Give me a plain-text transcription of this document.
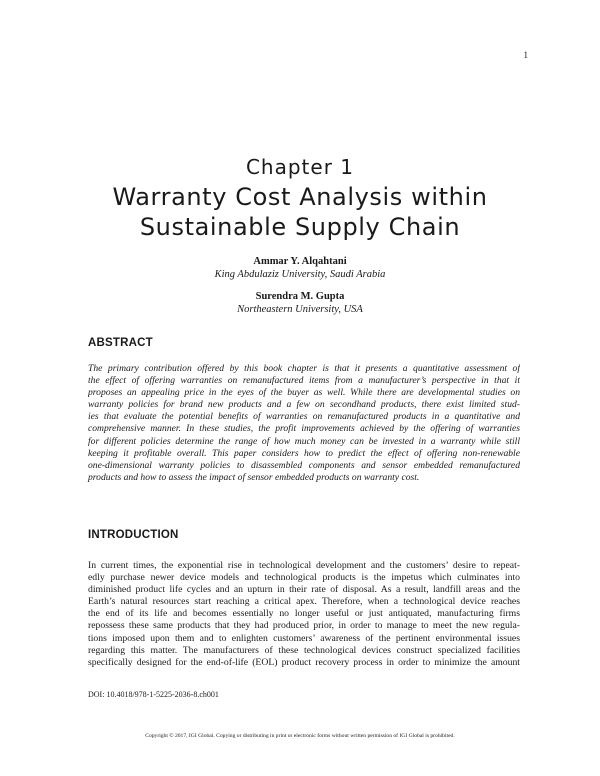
1
Chapter 1
Warranty Cost Analysis within
Sustainable Supply Chain
Ammar Y. Alqahtani
King Abdulaziz University, Saudi Arabia
Surendra M. Gupta
Northeastern University, USA
ABSTRACT
The primary contribution offered by this book chapter is that it presents a quantitative assessment of
the effect of offering warranties on remanufactured items from a manufacturer’s perspective in that it
proposes an appealing price in the eyes of the buyer as well. While there are developmental studies on
warranty policies for brand new products and a few on secondhand products, there exist limited stud-
ies that evaluate the potential benefits of warranties on remanufactured products in a quantitative and
comprehensive manner. In these studies, the profit improvements achieved by the offering of warranties
for different policies determine the range of how much money can be invested in a warranty while still
keeping it profitable overall. This paper considers how to predict the effect of offering non-renewable
one-dimensional warranty policies to disassembled components and sensor embedded remanufactured
products and how to assess the impact of sensor embedded products on warranty cost.
INTRODUCTION
In current times, the exponential rise in technological development and the customers’ desire to repeat-
edly purchase newer device models and technological products is the impetus which culminates into
diminished product life cycles and an upturn in their rate of disposal. As a result, landfill areas and the
Earth’s natural resources start reaching a critical apex. Therefore, when a technological device reaches
the end of its life and becomes essentially no longer useful or just antiquated, manufacturing firms
repossess these same products that they had produced prior, in order to manage to meet the new regula-
tions imposed upon them and to enlighten customers’ awareness of the pertinent environmental issues
regarding this matter. The manufacturers of these technological devices construct specialized facilities
specifically designed for the end-of-life (EOL) product recovery process in order to minimize the amount
DOI: 10.4018/978-1-5225-2036-8.ch001
Copyright © 2017, IGI Global. Copying or distributing in print or electronic forms without written permission of IGI Global is prohibited.
